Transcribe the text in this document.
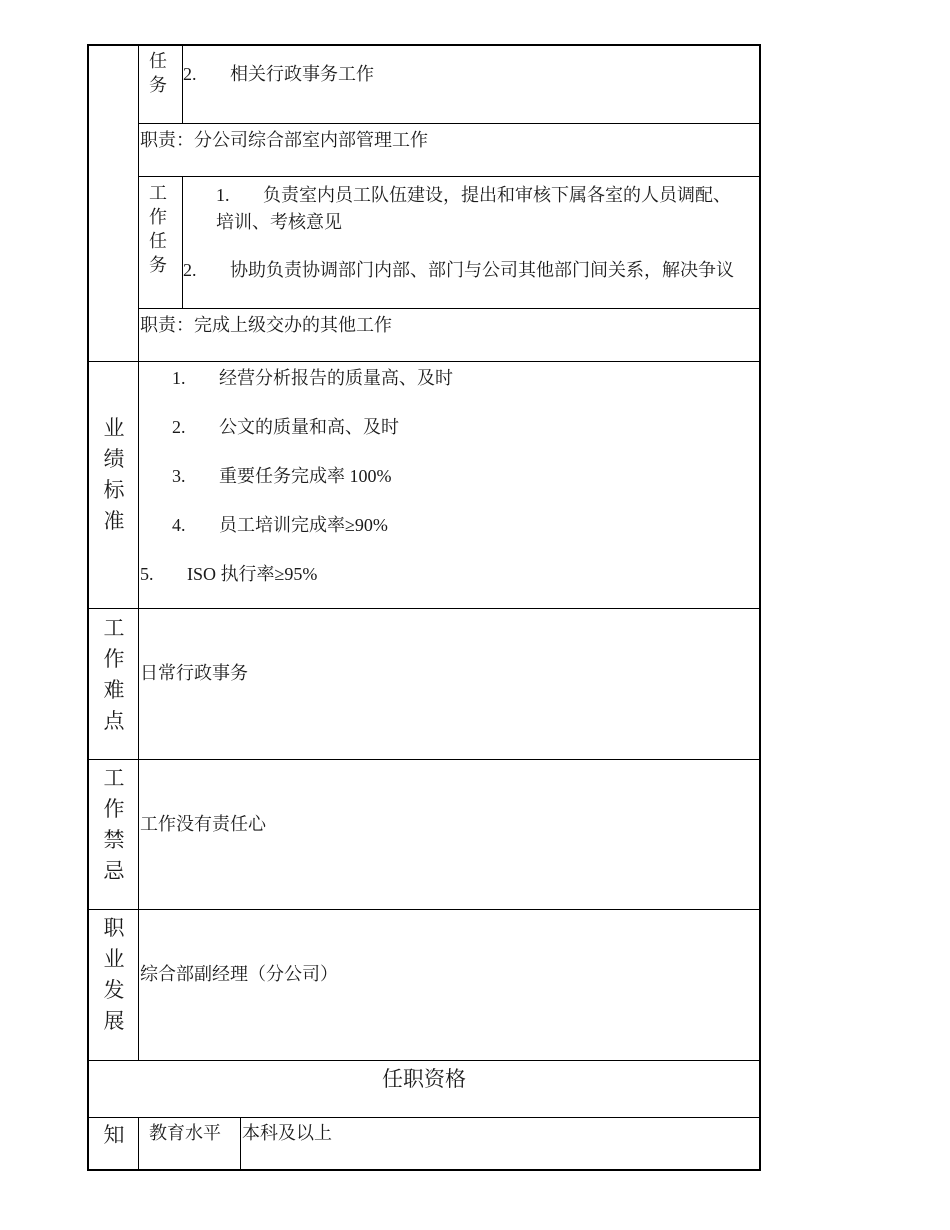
任务
2. 相关行政事务工作
职责：分公司综合部室内部管理工作
工作任务
1. 负责室内员工队伍建设，提出和审核下属各室的人员调配、
培训、考核意见
2. 协助负责协调部门内部、部门与公司其他部门间关系，解决争议
职责：完成上级交办的其他工作
业绩标准
1. 经营分析报告的质量高、及时
2. 公文的质量和高、及时
3. 重要任务完成率 100%
4. 员工培训完成率≥90%
5. ISO 执行率≥95%
工作难点
日常行政事务
工作禁忌
工作没有责任心
职业发展
综合部副经理（分公司）
任职资格
知 教育水平 本科及以上
